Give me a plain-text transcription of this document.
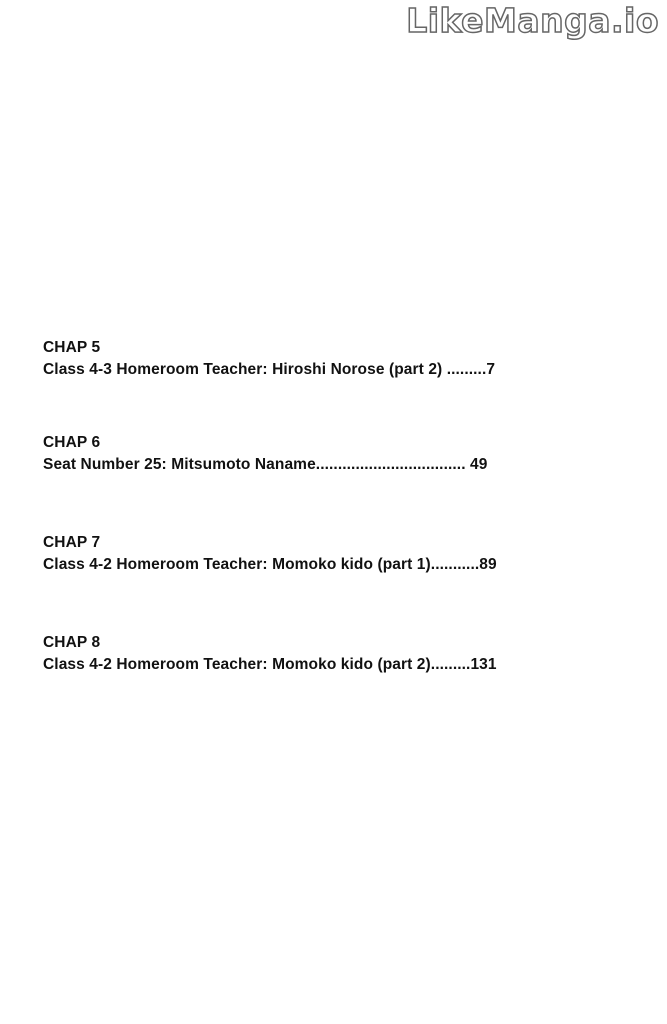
LikeManga.io
CHAP 5
Class 4-3 Homeroom Teacher: Hiroshi Norose (part 2) .........7
CHAP 6
Seat Number 25: Mitsumoto Naname.................................. 49
CHAP 7
Class 4-2 Homeroom Teacher: Momoko kido (part 1)...........89
CHAP 8
Class 4-2 Homeroom Teacher: Momoko kido (part 2).........131
